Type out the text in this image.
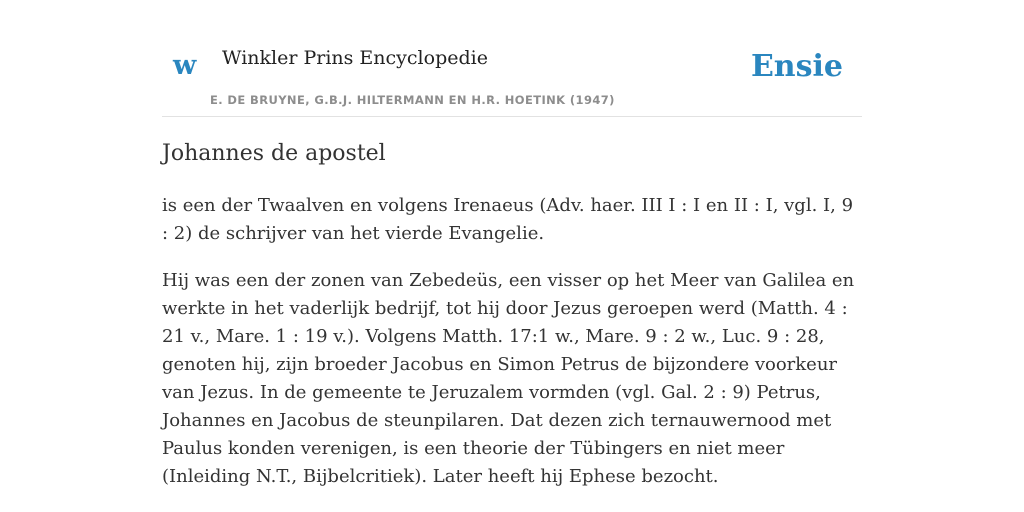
w Winkler Prins Encyclopedie
E. DE BRUYNE, G.B.J. HILTERMANN EN H.R. HOETINK (1947)
Ensie
Johannes de apostel

is een der Twaalven en volgens Irenaeus (Adv. haer. III I : I en II : I, vgl. I, 9 : 2) de schrijver van het vierde Evangelie.

Hij was een der zonen van Zebedeüs, een visser op het Meer van Galilea en werkte in het vaderlijk bedrijf, tot hij door Jezus geroepen werd (Matth. 4 : 21 v., Mare. 1 : 19 v.). Volgens Matth. 17:1 w., Mare. 9 : 2 w., Luc. 9 : 28, genoten hij, zijn broeder Jacobus en Simon Petrus de bijzondere voorkeur van Jezus. In de gemeente te Jeruzalem vormden (vgl. Gal. 2 : 9) Petrus, Johannes en Jacobus de steunpilaren. Dat dezen zich ternauwernood met Paulus konden verenigen, is een theorie der Tübingers en niet meer (Inleiding N.T., Bijbelcritiek). Later heeft hij Ephese bezocht.
